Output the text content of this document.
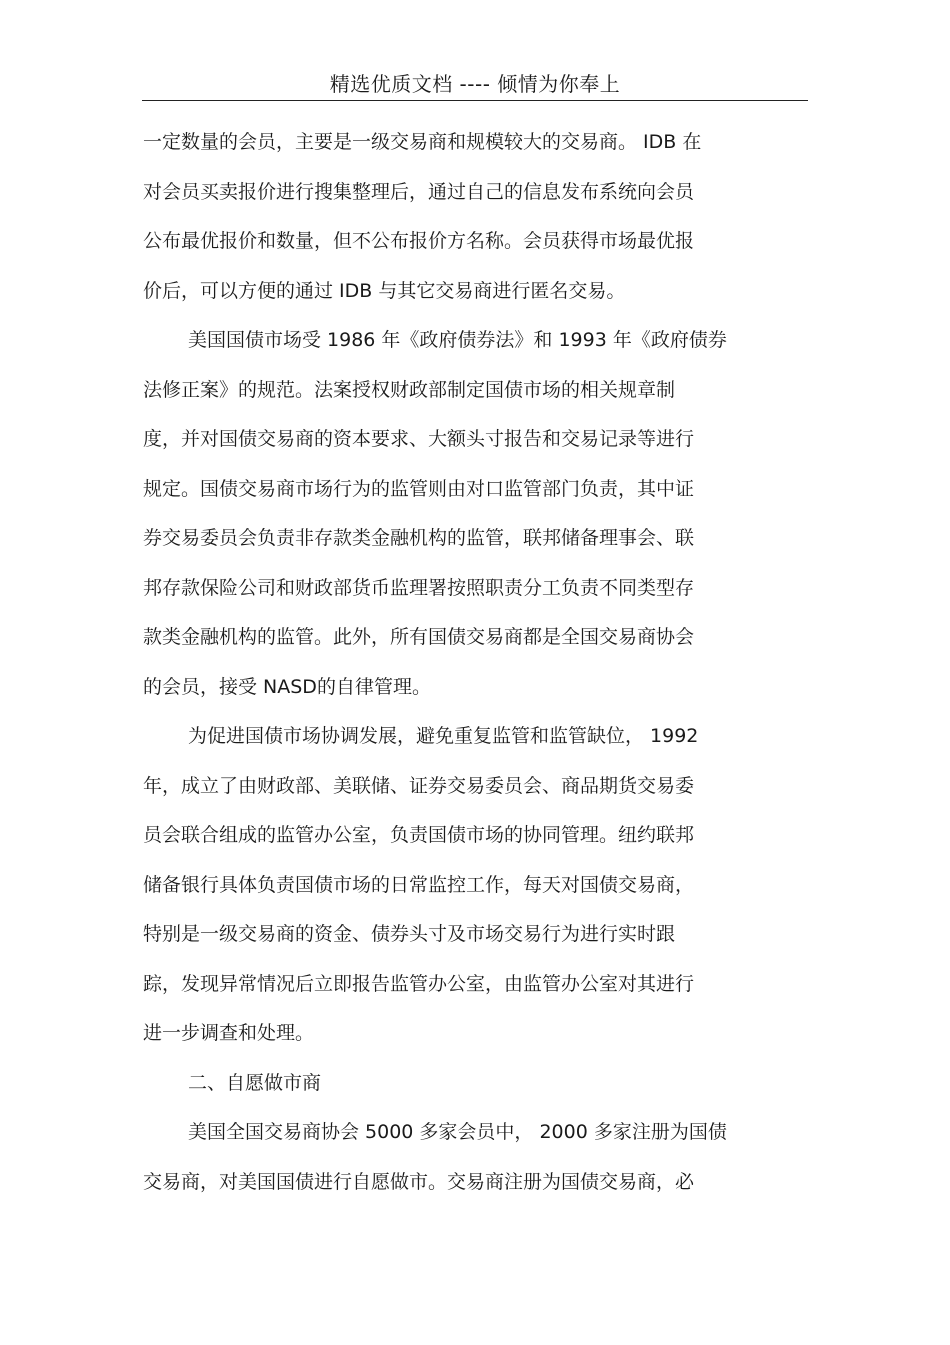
精选优质文档 ---- 倾情为你奉上
一定数量的会员，主要是一级交易商和规模较大的交易商。 IDB 在
对会员买卖报价进行搜集整理后，通过自己的信息发布系统向会员
公布最优报价和数量，但不公布报价方名称。会员获得市场最优报
价后，可以方便的通过 IDB 与其它交易商进行匿名交易。
美国国债市场受 1986 年《政府债券法》和 1993 年《政府债券
法修正案》的规范。法案授权财政部制定国债市场的相关规章制
度，并对国债交易商的资本要求、大额头寸报告和交易记录等进行
规定。国债交易商市场行为的监管则由对口监管部门负责，其中证
券交易委员会负责非存款类金融机构的监管，联邦储备理事会、联
邦存款保险公司和财政部货币监理署按照职责分工负责不同类型存
款类金融机构的监管。此外，所有国债交易商都是全国交易商协会
的会员，接受 NASD的自律管理。
为促进国债市场协调发展，避免重复监管和监管缺位， 1992
年，成立了由财政部、美联储、证券交易委员会、商品期货交易委
员会联合组成的监管办公室，负责国债市场的协同管理。纽约联邦
储备银行具体负责国债市场的日常监控工作，每天对国债交易商，
特别是一级交易商的资金、债券头寸及市场交易行为进行实时跟
踪，发现异常情况后立即报告监管办公室，由监管办公室对其进行
进一步调查和处理。
二、自愿做市商
美国全国交易商协会 5000 多家会员中， 2000 多家注册为国债
交易商，对美国国债进行自愿做市。交易商注册为国债交易商，必
